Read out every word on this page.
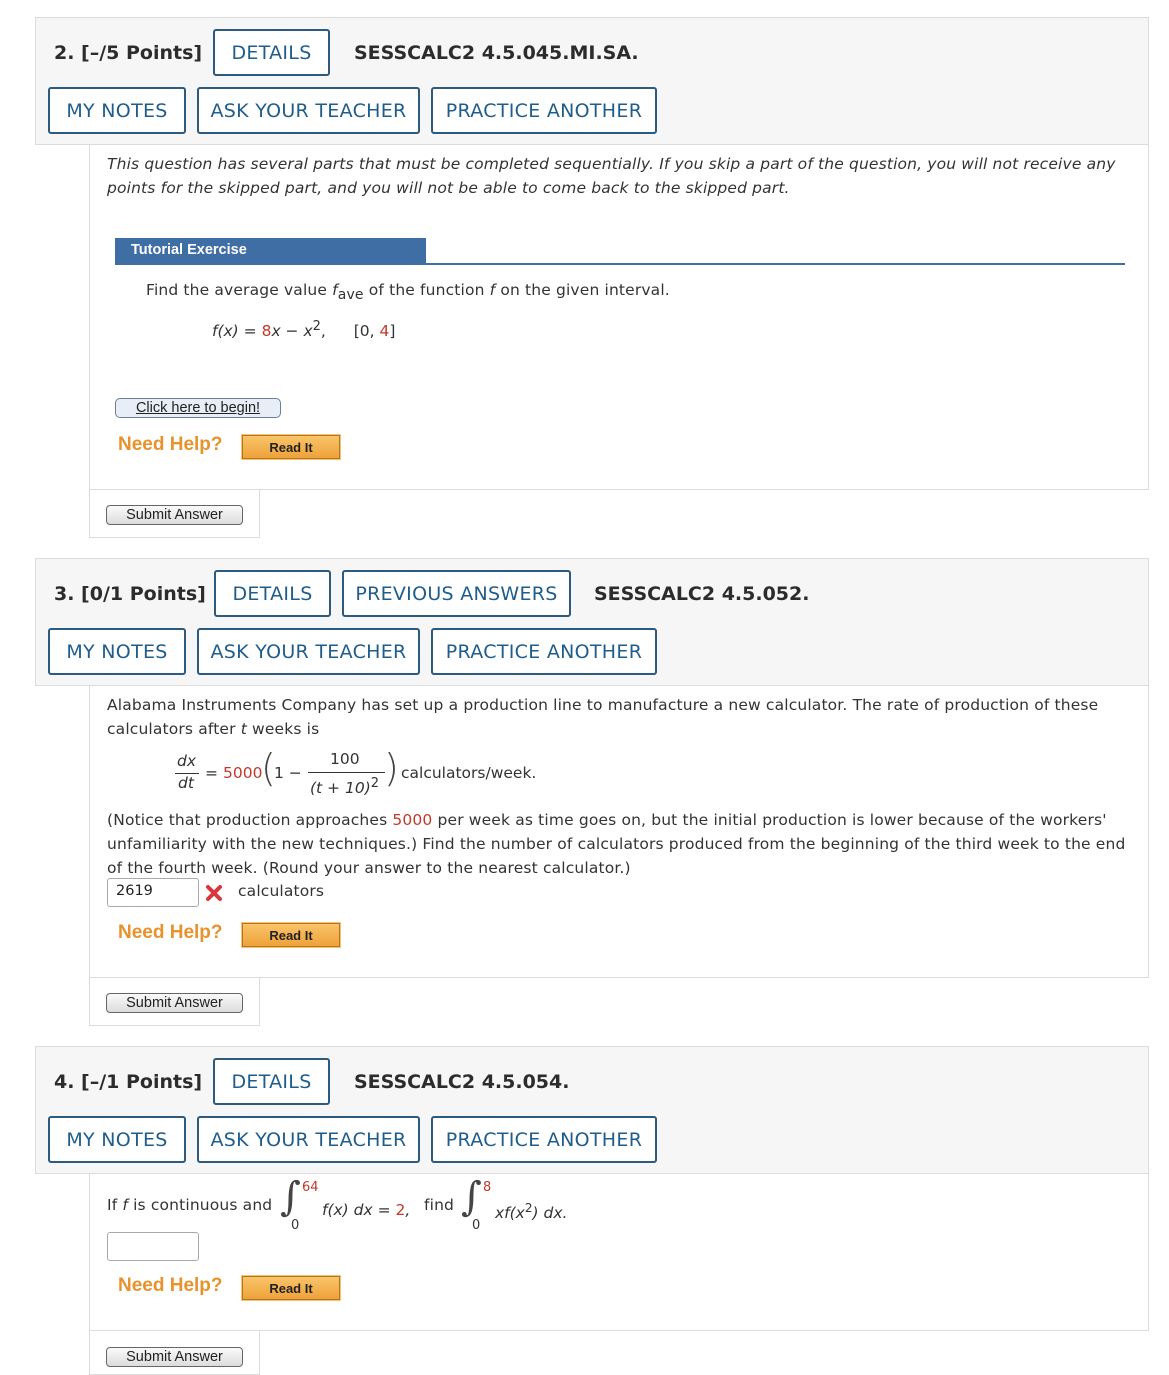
2. [–/5 Points]	DETAILS	SESSCALC2 4.5.045.MI.SA.
MY NOTES	ASK YOUR TEACHER	PRACTICE ANOTHER
This question has several parts that must be completed sequentially. If you skip a part of the question, you will not receive any points for the skipped part, and you will not be able to come back to the skipped part.
Tutorial Exercise
Find the average value $f_{ave}$ of the function f on the given interval.
$f(x) = 8x - x^2$, [0, 4]
Click here to begin!
Need Help?	Read It
Submit Answer
3. [0/1 Points]	DETAILS	PREVIOUS ANSWERS	SESSCALC2 4.5.052.
MY NOTES	ASK YOUR TEACHER	PRACTICE ANOTHER
Alabama Instruments Company has set up a production line to manufacture a new calculator. The rate of production of these calculators after t weeks is
dx
dt
= 5000
(
1 −
100
$(t + 10)^2$ ) calculators/week.
(Notice that production approaches 5000 per week as time goes on, but the initial production is lower because of the workers' unfamiliarity with the new techniques.) Find the number of calculators produced from the beginning of the third week to the end of the fourth week. (Round your answer to the nearest calculator.)
2619	calculators
Need Help?	Read It
Submit Answer
4. [–/1 Points]	DETAILS	SESSCALC2 4.5.054.
MY NOTES	ASK YOUR TEACHER	PRACTICE ANOTHER
If f is continuous and ∫ 64
0
f(x) dx = 2, find ∫ 8
0
$xf(x^2)$ dx.
Need Help?	Read It
Submit Answer
